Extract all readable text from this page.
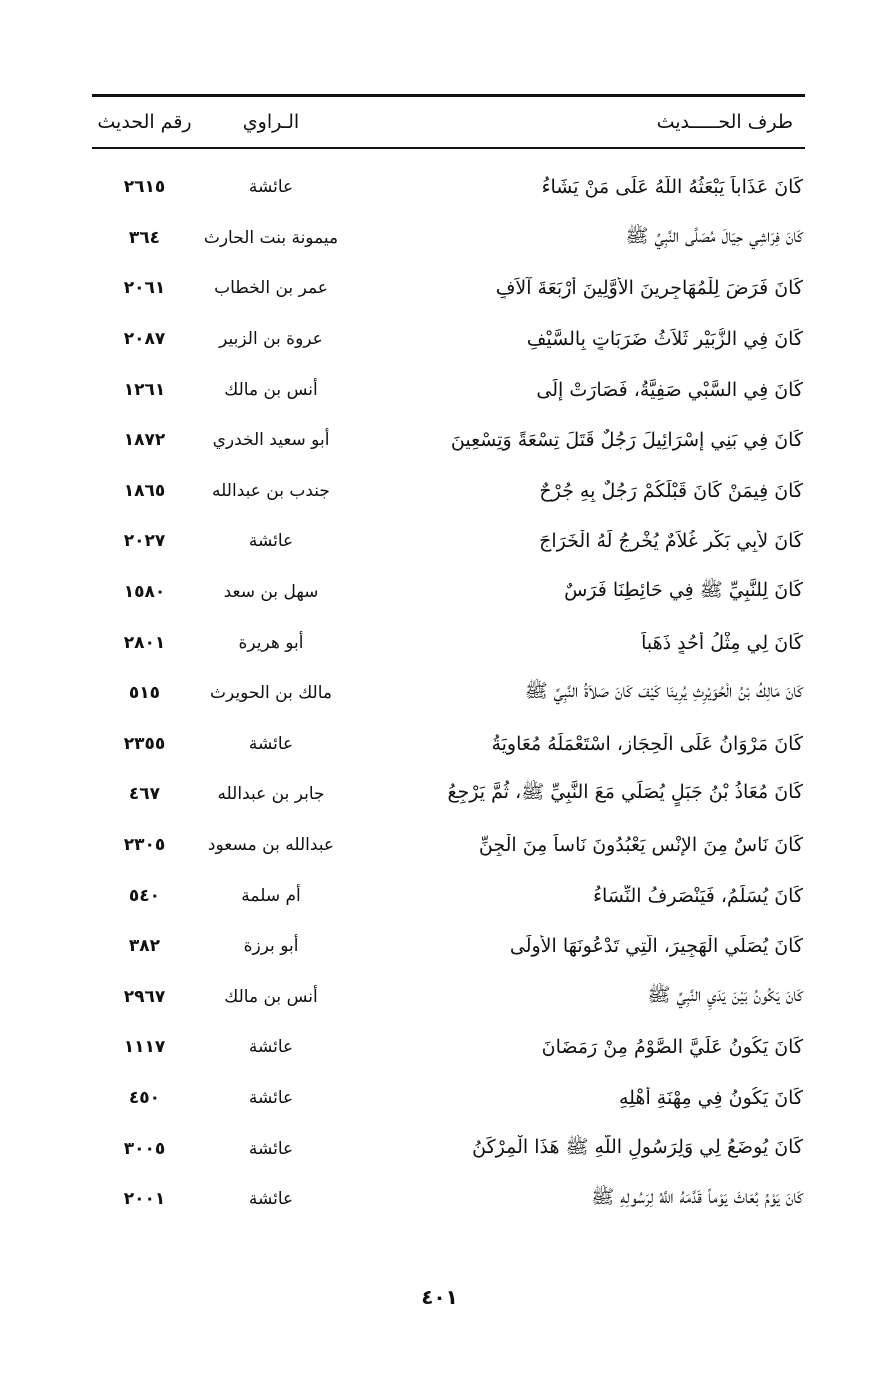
طرف الحـــــديث
الـراوي
رقم الحديث
كَانَ عَذَاباً يَبْعَثُهُ اللَّهُ عَلَى مَنْ يَشَاءُ
عائشة
٢٦١٥
كَانَ فِرَاشِي حِيَالَ مُصَلَّى النَّبِيِّ ﷺ
ميمونة بنت الحارث
٣٦٤
كَانَ فَرَضَ لِلْمُهَاجِرِينَ الأَوَّلِينَ أَرْبَعَةَ آلاَفٍ
عمر بن الخطاب
٢٠٦١
كَانَ فِي الزُّبَيْرِ ثَلاَثُ ضَرَبَاتٍ بِالسَّيْفِ
عروة بن الزبير
٢٠٨٧
كَانَ فِي السَّبْيِ صَفِيَّةُ، فَصَارَتْ إِلَى
أنس بن مالك
١٢٦١
كَانَ فِي بَنِي إِسْرَائِيلَ رَجُلٌ قَتَلَ تِسْعَةً وَتِسْعِينَ
أبو سعيد الخدري
١٨٧٢
كَانَ فِيمَنْ كَانَ قَبْلَكُمْ رَجُلٌ بِهِ جُرْحٌ
جندب بن عبدالله
١٨٦٥
كَانَ لأَبِي بَكْرٍ غُلاَمٌ يُخْرِجُ لَهُ الْخَرَاجَ
عائشة
٢٠٢٧
كَانَ لِلنَّبِيِّ ﷺ فِي حَائِطِنَا فَرَسٌ
سهل بن سعد
١٥٨٠
كَانَ لِي مِثْلُ أُحُدٍ ذَهَباً
أبو هريرة
٢٨٠١
كَانَ مَالِكُ بْنُ الْحُوَيْرِثِ يُرِينَا كَيْفَ كَانَ صَلاَةُ النَّبِيِّ ﷺ
مالك بن الحويرث
٥١٥
كَانَ مَرْوَانُ عَلَى الْحِجَازِ، اسْتَعْمَلَهُ مُعَاوِيَةُ
عائشة
٢٣٥٥
كَانَ مُعَاذُ بْنُ جَبَلٍ يُصَلِّي مَعَ النَّبِيِّ ﷺ، ثُمَّ يَرْجِعُ
جابر بن عبدالله
٤٦٧
كَانَ نَاسٌ مِنَ الإِنْسِ يَعْبُدُونَ نَاساً مِنَ الْجِنِّ
عبدالله بن مسعود
٢٣٠٥
كَانَ يُسَلِّمُ، فَيَنْصَرِفُ النِّسَاءُ
أم سلمة
٥٤٠
كَانَ يُصَلِّي الْهَجِيرَ، الَّتِي تَدْعُونَهَا الأُولَى
أبو برزة
٣٨٢
كَانَ يَكُونُ بَيْنَ يَدَيِ النَّبِيِّ ﷺ
أنس بن مالك
٢٩٦٧
كَانَ يَكُونُ عَلَيَّ الصَّوْمُ مِنْ رَمَضَانَ
عائشة
١١١٧
كَانَ يَكُونُ فِي مِهْنَةِ أَهْلِهِ
عائشة
٤٥٠
كَانَ يُوضَعُ لِي وَلِرَسُولِ اللَّهِ ﷺ هَذَا الْمِرْكَنُ
عائشة
٣٠٠٥
كَانَ يَوْمُ بُعَاثَ يَوْماً قَدَّمَهُ اللَّهُ لِرَسُولِهِ ﷺ
عائشة
٢٠٠١
٤٠١
